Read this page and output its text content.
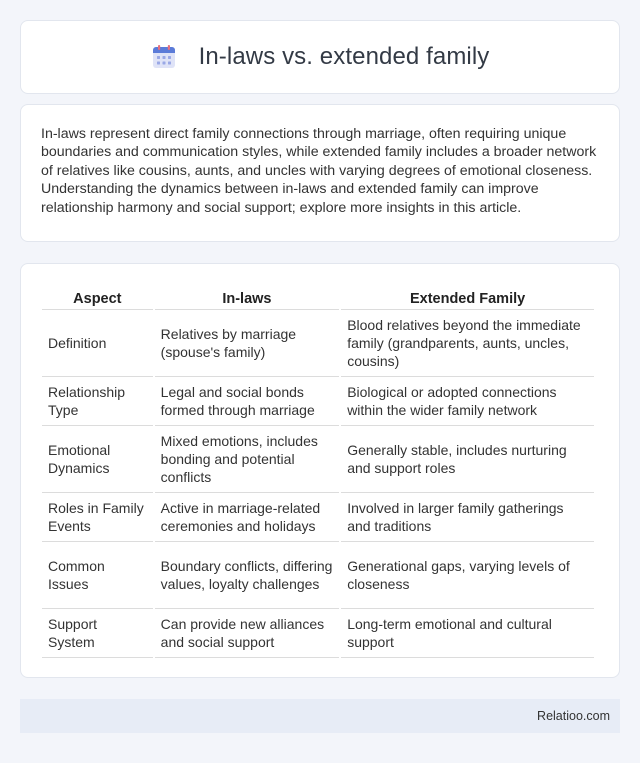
In-laws vs. extended family

In-laws represent direct family connections through marriage, often requiring unique boundaries and communication styles, while extended family includes a broader network of relatives like cousins, aunts, and uncles with varying degrees of emotional closeness. Understanding the dynamics between in-laws and extended family can improve relationship harmony and social support; explore more insights in this article.

Aspect	In-laws	Extended Family
Definition	Relatives by marriage (spouse's family)	Blood relatives beyond the immediate family (grandparents, aunts, uncles, cousins)
Relationship Type	Legal and social bonds formed through marriage	Biological or adopted connections within the wider family network
Emotional Dynamics	Mixed emotions, includes bonding and potential conflicts	Generally stable, includes nurturing and support roles
Roles in Family Events	Active in marriage-related ceremonies and holidays	Involved in larger family gatherings and traditions
Common Issues	Boundary conflicts, differing values, loyalty challenges	Generational gaps, varying levels of closeness
Support System	Can provide new alliances and social support	Long-term emotional and cultural support
Relatioo.com
